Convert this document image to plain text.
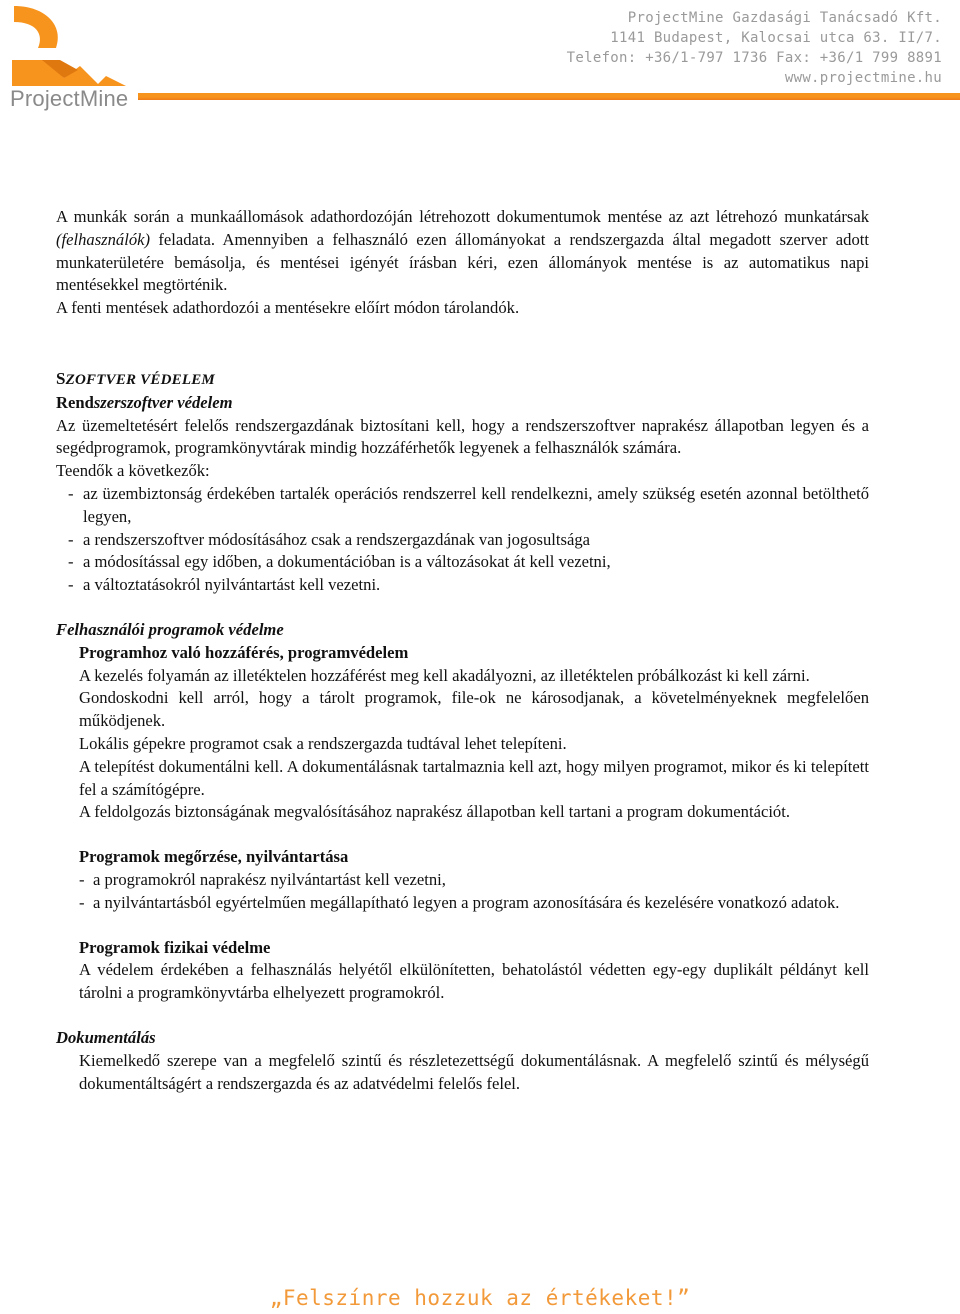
ProjectMine
ProjectMine Gazdasági Tanácsadó Kft.
1141 Budapest, Kalocsai utca 63. II/7.
Telefon: +36/1-797 1736 Fax: +36/1 799 8891
www.projectmine.hu

A munkák során a munkaállomások adathordozóján létrehozott dokumentumok mentése az azt létrehozó munkatársak (felhasználók) feladata. Amennyiben a felhasználó ezen állományokat a rendszergazda által megadott szerver adott munkaterületére bemásolja, és mentései igényét írásban kéri, ezen állományok mentése is az automatikus napi mentésekkel megtörténik.

A fenti mentések adathordozói a mentésekre előírt módon tárolandók.

SZOFTVER VÉDELEM

Rendszerszoftver védelem

Az üzemeltetésért felelős rendszergazdának biztosítani kell, hogy a rendszerszoftver naprakész állapotban legyen és a segédprogramok, programkönyvtárak mindig hozzáférhetők legyenek a felhasználók számára.

Teendők a következők:

- az üzembiztonság érdekében tartalék operációs rendszerrel kell rendelkezni, amely szükség esetén azonnal betölthető legyen,
- a rendszerszoftver módosításához csak a rendszergazdának van jogosultsága
- a módosítással egy időben, a dokumentációban is a változásokat át kell vezetni,
- a változtatásokról nyilvántartást kell vezetni.

Felhasználói programok védelme

Programhoz való hozzáférés, programvédelem

A kezelés folyamán az illetéktelen hozzáférést meg kell akadályozni, az illetéktelen próbálkozást ki kell zárni.

Gondoskodni kell arról, hogy a tárolt programok, file-ok ne károsodjanak, a követelményeknek megfelelően működjenek.

Lokális gépekre programot csak a rendszergazda tudtával lehet telepíteni.

A telepítést dokumentálni kell. A dokumentálásnak tartalmaznia kell azt, hogy milyen programot, mikor és ki telepített fel a számítógépre.

A feldolgozás biztonságának megvalósításához naprakész állapotban kell tartani a program dokumentációt.

Programok megőrzése, nyilvántartása

- a programokról naprakész nyilvántartást kell vezetni,
- a nyilvántartásból egyértelműen megállapítható legyen a program azonosítására és kezelésére vonatkozó adatok.

Programok fizikai védelme

A védelem érdekében a felhasználás helyétől elkülönítetten, behatolástól védetten egy-egy duplikált példányt kell tárolni a programkönyvtárba elhelyezett programokról.

Dokumentálás

Kiemelkedő szerepe van a megfelelő szintű és részletezettségű dokumentálásnak. A megfelelő szintű és mélységű dokumentáltságért a rendszergazda és az adatvédelmi felelős felel.

„Felszínre hozzuk az értékeket!”
